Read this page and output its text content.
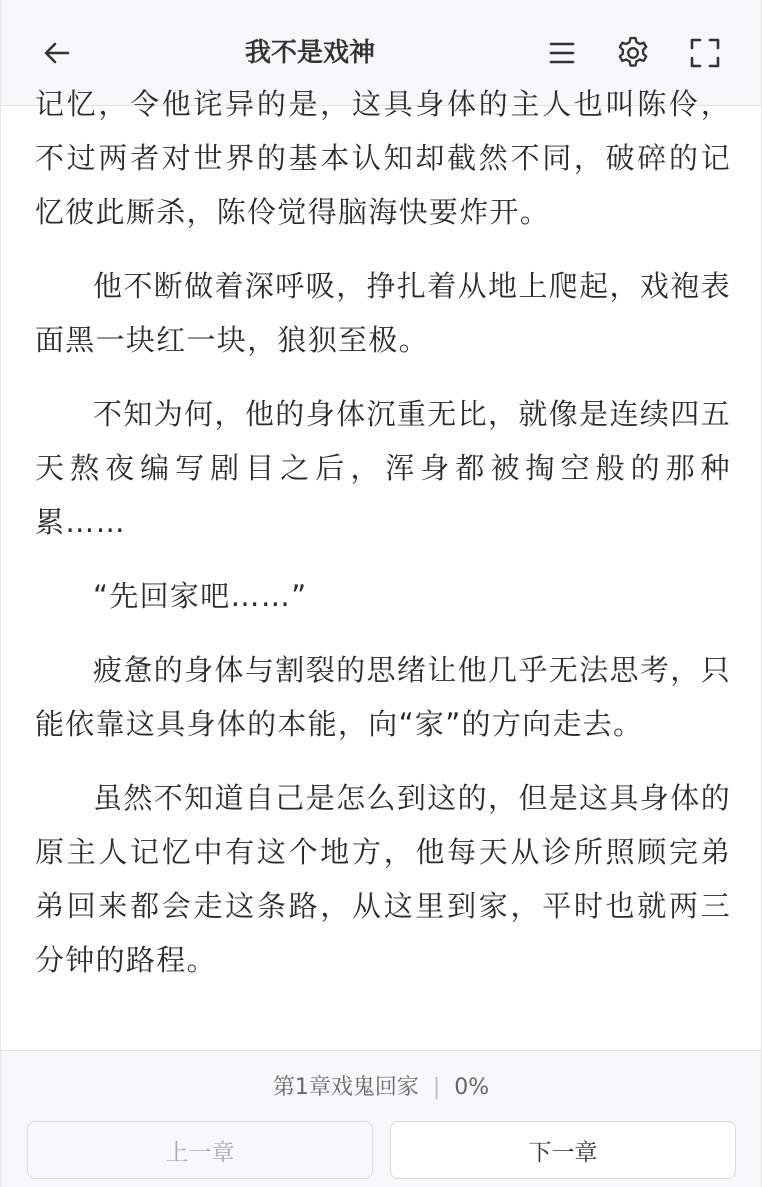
我不是戏神

记忆，令他诧异的是，这具身体的主人也叫陈伶，不过两者对世界的基本认知却截然不同，破碎的记忆彼此厮杀，陈伶觉得脑海快要炸开。

他不断做着深呼吸，挣扎着从地上爬起，戏袍表面黑一块红一块，狼狈至极。

不知为何，他的身体沉重无比，就像是连续四五天熬夜编写剧目之后，浑身都被掏空般的那种累……

“先回家吧……”

疲惫的身体与割裂的思绪让他几乎无法思考，只能依靠这具身体的本能，向“家”的方向走去。

虽然不知道自己是怎么到这的，但是这具身体的原主人记忆中有这个地方，他每天从诊所照顾完弟弟回来都会走这条路，从这里到家，平时也就两三分钟的路程。

第1章戏鬼回家 | 0%
上一章	下一章
